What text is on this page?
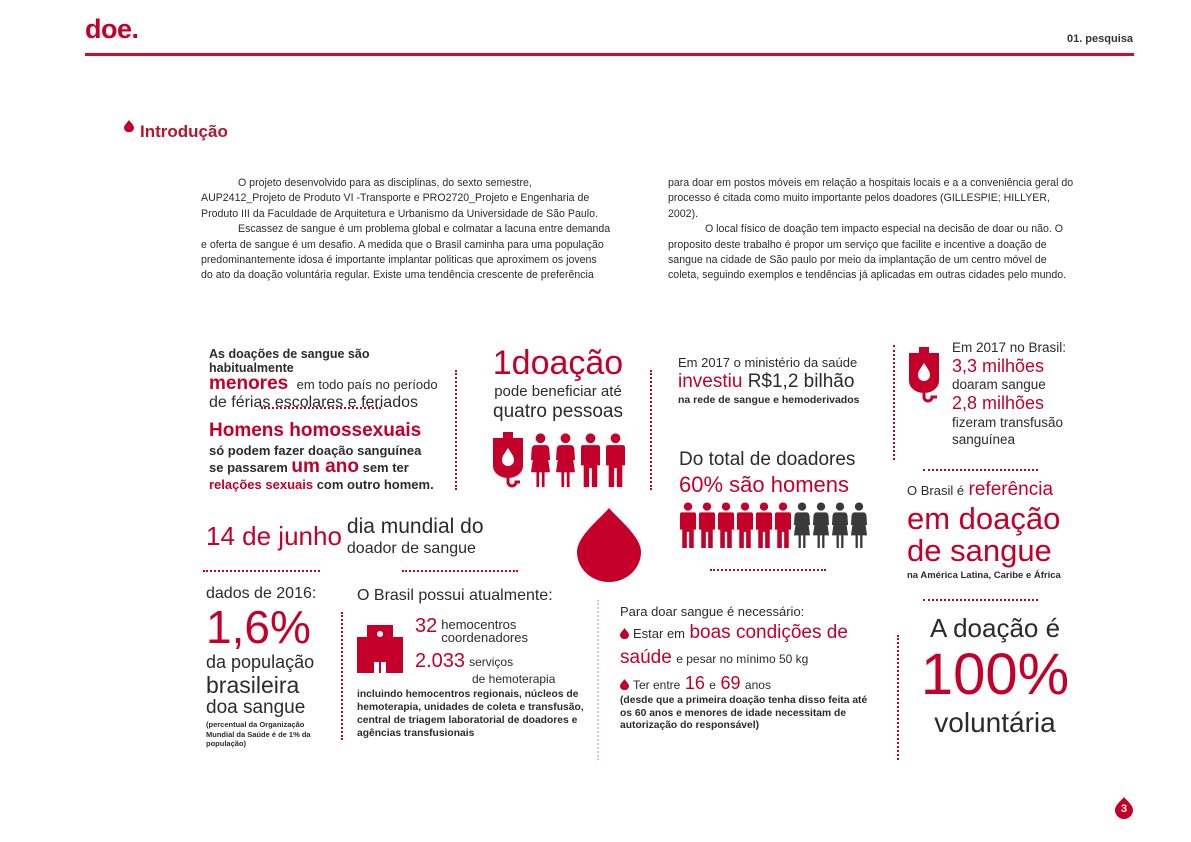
doe.	01. pesquisa
Introdução

O projeto desenvolvido para as disciplinas, do sexto semestre, AUP2412_Projeto de Produto VI -Transporte e PRO2720_Projeto e Engenharia de Produto III da Faculdade de Arquitetura e Urbanismo da Universidade de São Paulo.

Escassez de sangue é um problema global e colmatar a lacuna entre demanda e oferta de sangue é um desafio. A medida que o Brasil caminha para uma população predominantemente idosa é importante implantar politicas que aproximem os jovens do ato da doação voluntária regular. Existe uma tendência crescente de preferência

para doar em postos móveis em relação a hospitais locais e a a conveniência geral do processo é citada como muito importante pelos doadores (GILLESPIE; HILLYER, 2002).

O local físico de doação tem impacto especial na decisão de doar ou não. O proposito deste trabalho é propor um serviço que facilite e incentive a doação de sangue na cidade de São paulo por meio da implantação de um centro móvel de coleta, seguindo exemplos e tendências já aplicadas em outras cidades pelo mundo.

As doações de sangue são habitualmente
menores em todo país no período
de férias escolares e feriados
Homens homossexuais
só podem fazer doação sanguínea
se passarem um ano sem ter
relações sexuais com outro homem.
1doação
pode beneficiar até
quatro pessoas
Em 2017 o ministério da saúde
investiu R$1,2 bilhão
na rede de sangue e hemoderivados
Em 2017 no Brasil:
3,3 milhões
doaram sangue
2,8 milhões
fizeram transfusão
sanguínea
Do total de doadores
60% são homens	O Brasil é referência
em doação
de sangue
na América Latina, Caribe e África
14 de junho dia mundial do
doador de sangue
dados de 2016:
1,6%
da população
brasileira
doa sangue
(percentual da Organização Mundial da Saúde é de 1% da população)
O Brasil possui atualmente:
32 hemocentros
coordenadores
2.033 serviços
de hemoterapia
incluindo hemocentros regionais, núcleos de hemoterapia, unidades de coleta e transfusão, central de triagem laboratorial de doadores e agências transfusionais
Para doar sangue é necessário:
Estar em boas condições de saúde e pesar no mínimo 50 kg
Ter entre 16 e 69 anos
(desde que a primeira doação tenha disso feita até os 60 anos e menores de idade necessitam de autorização do responsável)
A doação é
100%
voluntária
3
